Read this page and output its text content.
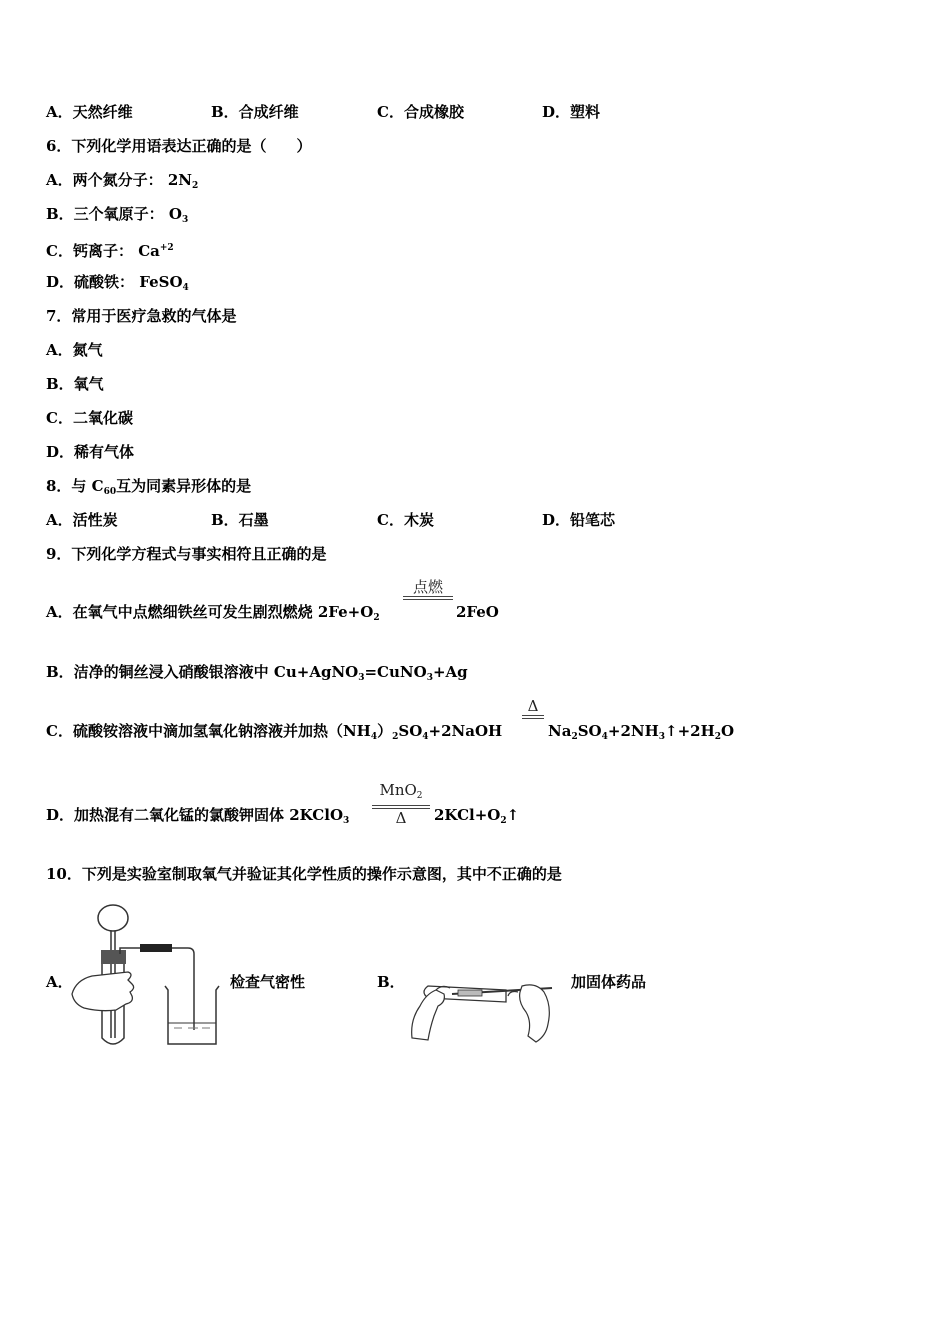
A．天然纤维	B．合成纤维	C．合成橡胶	D．塑料
6．下列化学用语表达正确的是（　　）
A．两个氮分子： $2N_2$
B．三个氧原子： $O_3$
C．钙离子： $Ca^{+2}$
D．硫酸铁： FeSO$_4$
7．常用于医疗急救的气体是
A．氮气
B．氧气
C．二氧化碳
D．稀有气体
8．与 $C_{60}$互为同素异形体的是
A．活性炭	B．石墨	C．木炭	D．铅笔芯
9．下列化学方程式与事实相符且正确的是
A．在氧气中点燃细铁丝可发生剧烈燃烧 $2Fe+O_2$
点燃
2FeO
B．洁净的铜丝浸入硝酸银溶液中 Cu+AgNO$_3$=CuNO$_3$+Ag
C．硫酸铵溶液中滴加氢氧化钠溶液并加热$(NH_4)_2SO_4+2NaOH$
Δ
$Na_2SO_4+2NH_3↑+2H_2O$
D．加热混有二氧化锰的氯酸钾固体 2KClO$_3$
MnO$_2$
Δ	$2KCl+O_2↑$
10．下列是实验室制取氧气并验证其化学性质的操作示意图，其中不正确的是
A．	检查气密性	B．	加固体药品
